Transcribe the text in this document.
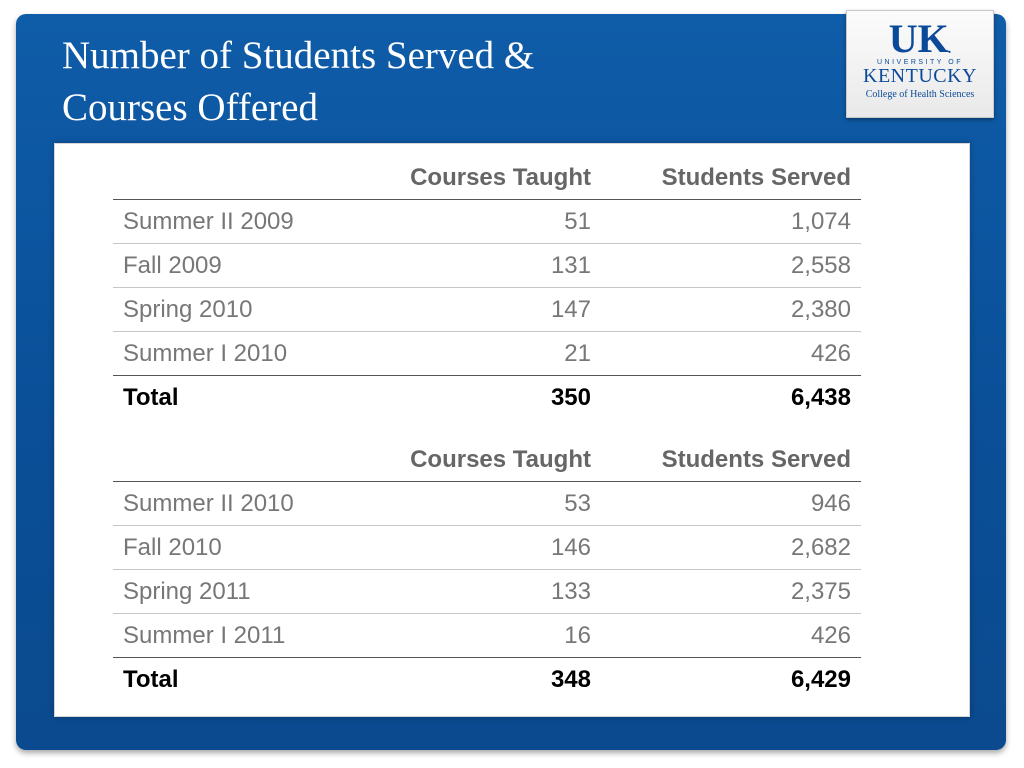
Number of Students Served &
Courses Offered
U K .
UNIVERSITY OF
KENTUCKY
College of Health Sciences
	Courses Taught	Students Served
Summer II 2009	51	1,074
Fall 2009	131	2,558
Spring 2010	147	2,380
Summer I 2010	21	426
Total	350	6,438
	Courses Taught	Students Served
Summer II 2010	53	946
Fall 2010	146	2,682
Spring 2011	133	2,375
Summer I 2011	16	426
Total	348	6,429
